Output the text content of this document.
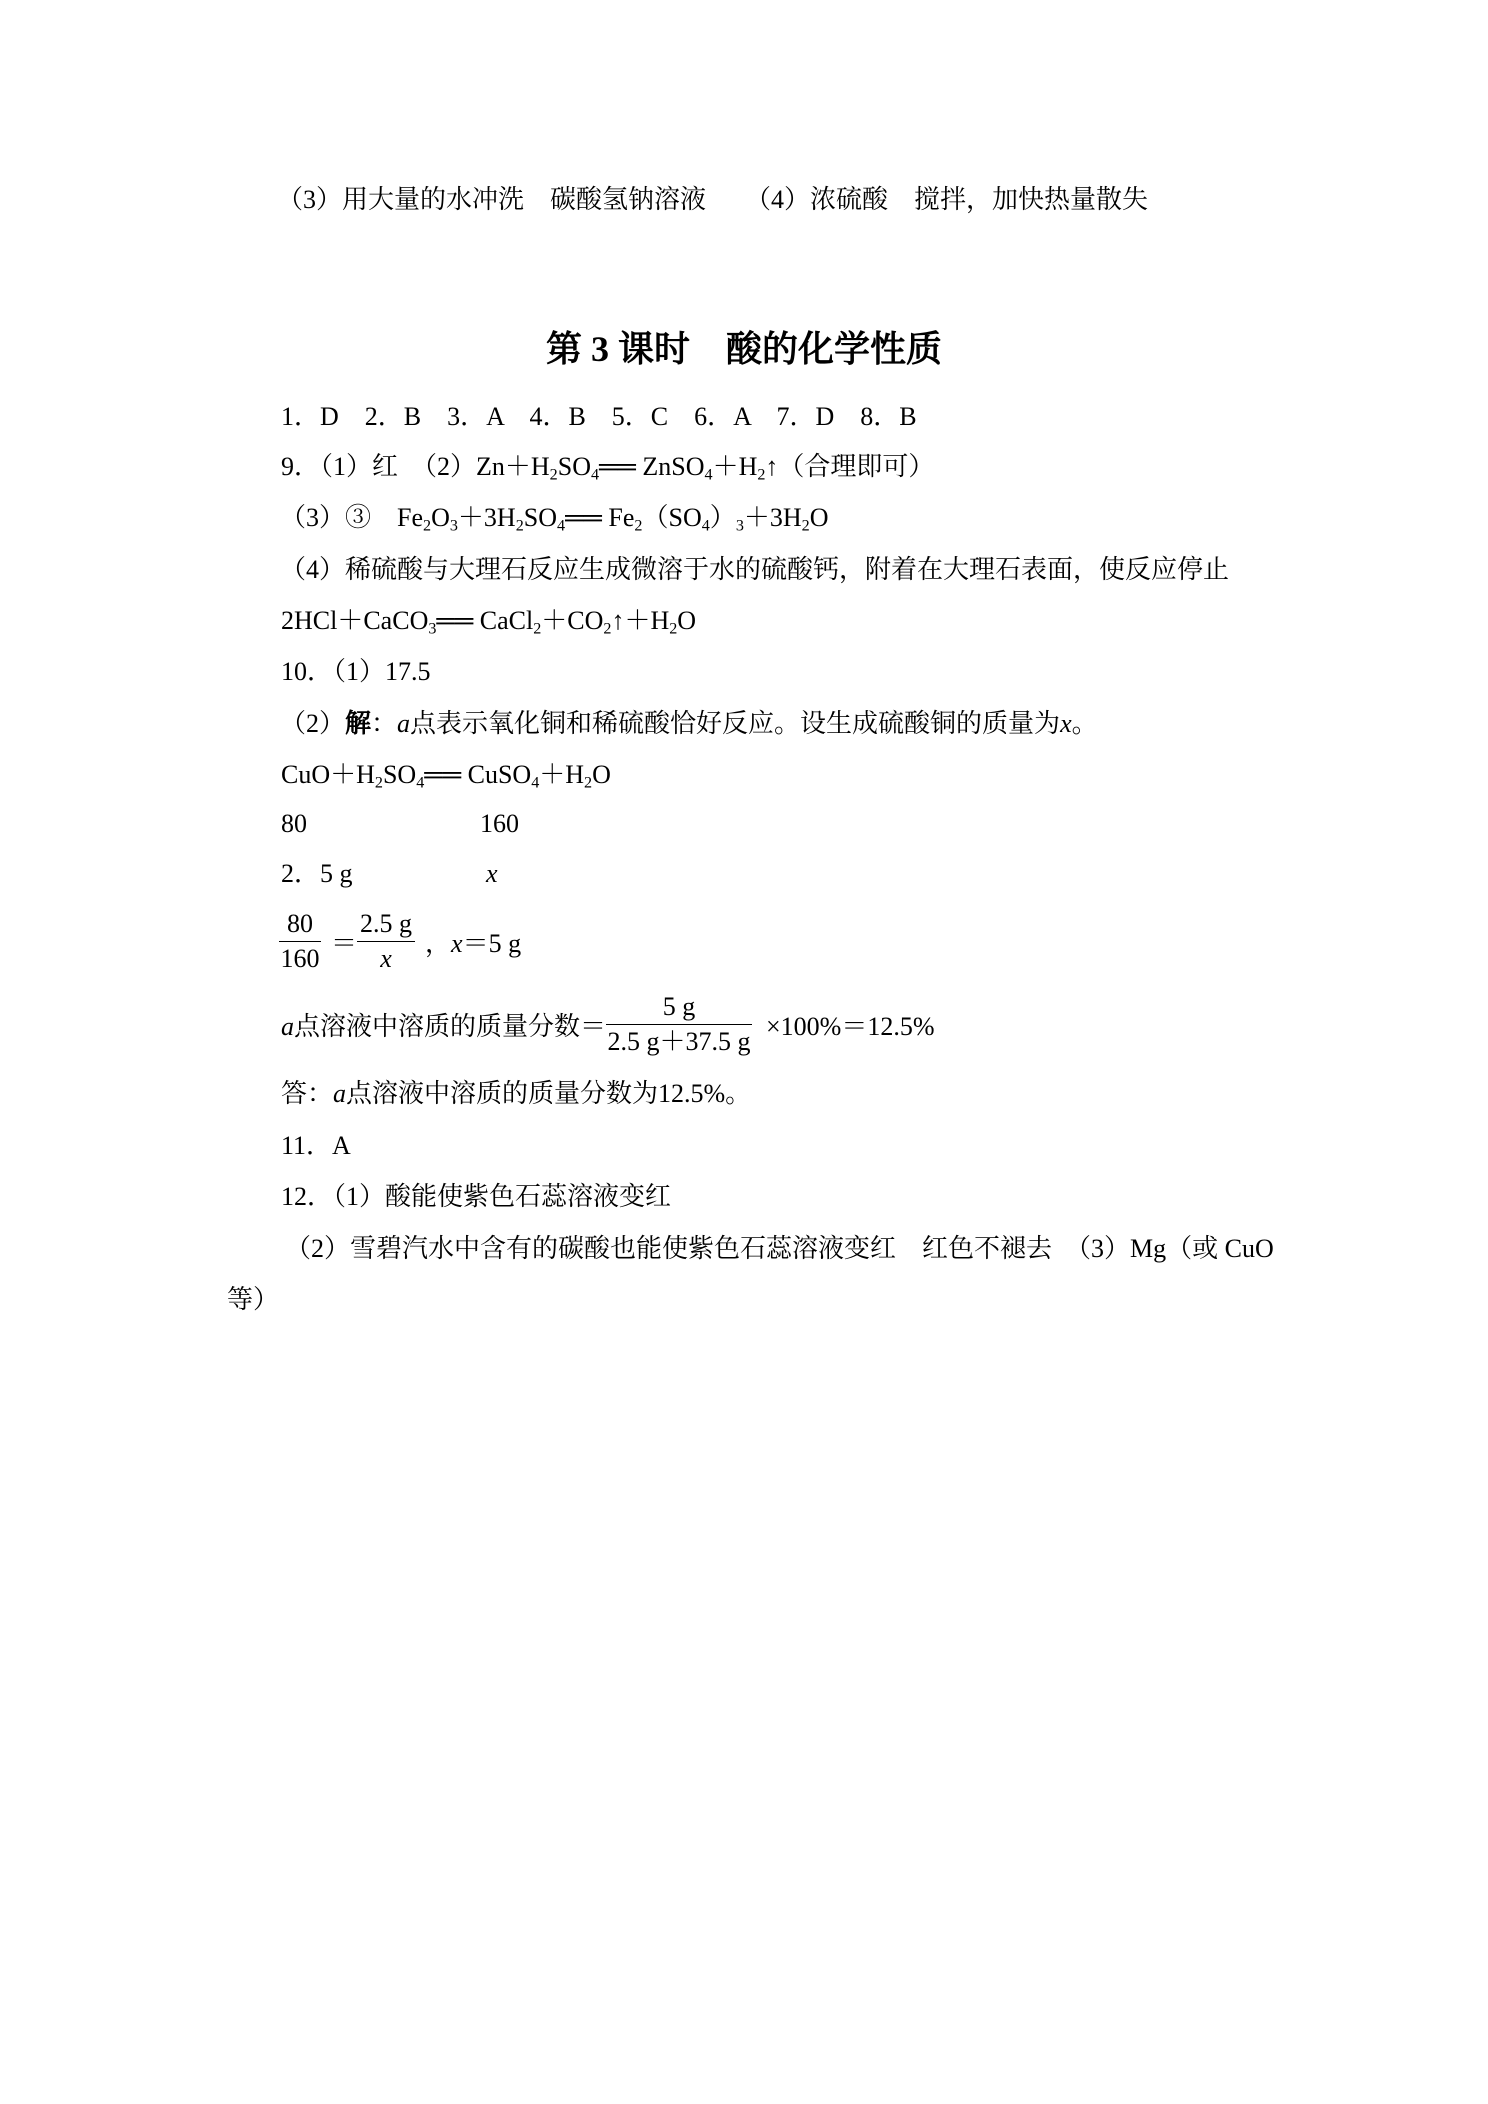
（3）用大量的水冲洗　碳酸氢钠溶液　　（4）浓硫酸　搅拌，加快热量散失
第 3 课时　酸的化学性质
1．D　2．B　3．A　4．B　5．C　6．A　7．D　8．B
9．（1）红　$(2)Zn+H_2SO_4══$ $ZnSO_4+H_2↑$（合理即可）
（3）③　$Fe_2O_3+3H_2SO_4══$ $Fe_2(SO_4)_3+3H_2O$
（4）稀硫酸与大理石反应生成微溶于水的硫酸钙，附着在大理石表面，使反应停止
2HCl＋CaCO$_3$══ $CaCl_2+CO_2↑+H_2O$
10．（1）17.5
（2）解：a点表示氧化铜和稀硫酸恰好反应。设生成硫酸铜的质量为x。
$CuO+H_2SO_4══$ $CuSO_4+H_2O$
80	160
2．5 g	x
$\frac{80}{160} = \frac{2.5 g}{x}$ ，x＝5 g
a点溶液中溶质的质量分数＝ $\frac{5 g}{2.5 g+37.5 g} \times 100\%=12.5\%$
答：a点溶液中溶质的质量分数为12.5%。
11．A
12．（1）酸能使紫色石蕊溶液变红
（2）雪碧汽水中含有的碳酸也能使紫色石蕊溶液变红　红色不褪去　（3）Mg（或 CuO
等）
